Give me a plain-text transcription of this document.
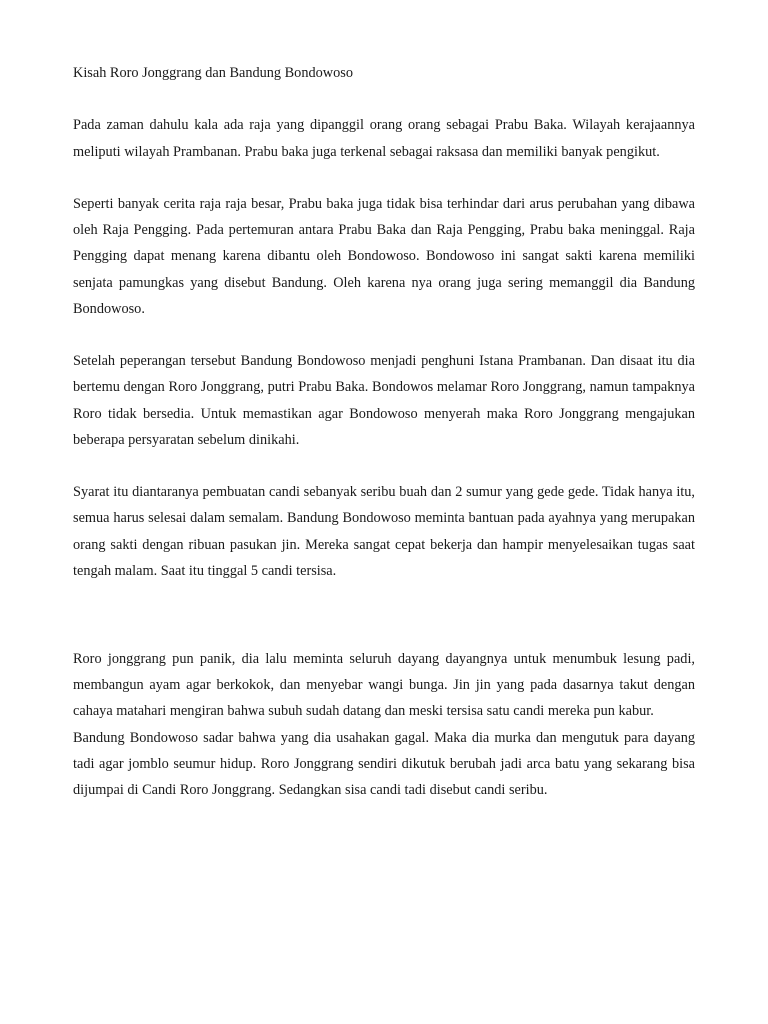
Kisah Roro Jonggrang dan Bandung Bondowoso

Pada zaman dahulu kala ada raja yang dipanggil orang orang sebagai Prabu Baka. Wilayah kerajaannya meliputi wilayah Prambanan. Prabu baka juga terkenal sebagai raksasa dan memiliki banyak pengikut.

Seperti banyak cerita raja raja besar, Prabu baka juga tidak bisa terhindar dari arus perubahan yang dibawa oleh Raja Pengging. Pada pertemuran antara Prabu Baka dan Raja Pengging, Prabu baka meninggal. Raja Pengging dapat menang karena dibantu oleh Bondowoso. Bondowoso ini sangat sakti karena memiliki senjata pamungkas yang disebut Bandung. Oleh karena nya orang juga sering memanggil dia Bandung Bondowoso.

Setelah peperangan tersebut Bandung Bondowoso menjadi penghuni Istana Prambanan. Dan disaat itu dia bertemu dengan Roro Jonggrang, putri Prabu Baka. Bondowos melamar Roro Jonggrang, namun tampaknya Roro tidak bersedia. Untuk memastikan agar Bondowoso menyerah maka Roro Jonggrang mengajukan beberapa persyaratan sebelum dinikahi.

Syarat itu diantaranya pembuatan candi sebanyak seribu buah dan 2 sumur yang gede gede. Tidak hanya itu, semua harus selesai dalam semalam. Bandung Bondowoso meminta bantuan pada ayahnya yang merupakan orang sakti dengan ribuan pasukan jin. Mereka sangat cepat bekerja dan hampir menyelesaikan tugas saat tengah malam. Saat itu tinggal 5 candi tersisa.

Roro jonggrang pun panik, dia lalu meminta seluruh dayang dayangnya untuk menumbuk lesung padi, membangun ayam agar berkokok, dan menyebar wangi bunga. Jin jin yang pada dasarnya takut dengan cahaya matahari mengiran bahwa subuh sudah datang dan meski tersisa satu candi mereka pun kabur.

Bandung Bondowoso sadar bahwa yang dia usahakan gagal. Maka dia murka dan mengutuk para dayang tadi agar jomblo seumur hidup. Roro Jonggrang sendiri dikutuk berubah jadi arca batu yang sekarang bisa dijumpai di Candi Roro Jonggrang. Sedangkan sisa candi tadi disebut candi seribu.
